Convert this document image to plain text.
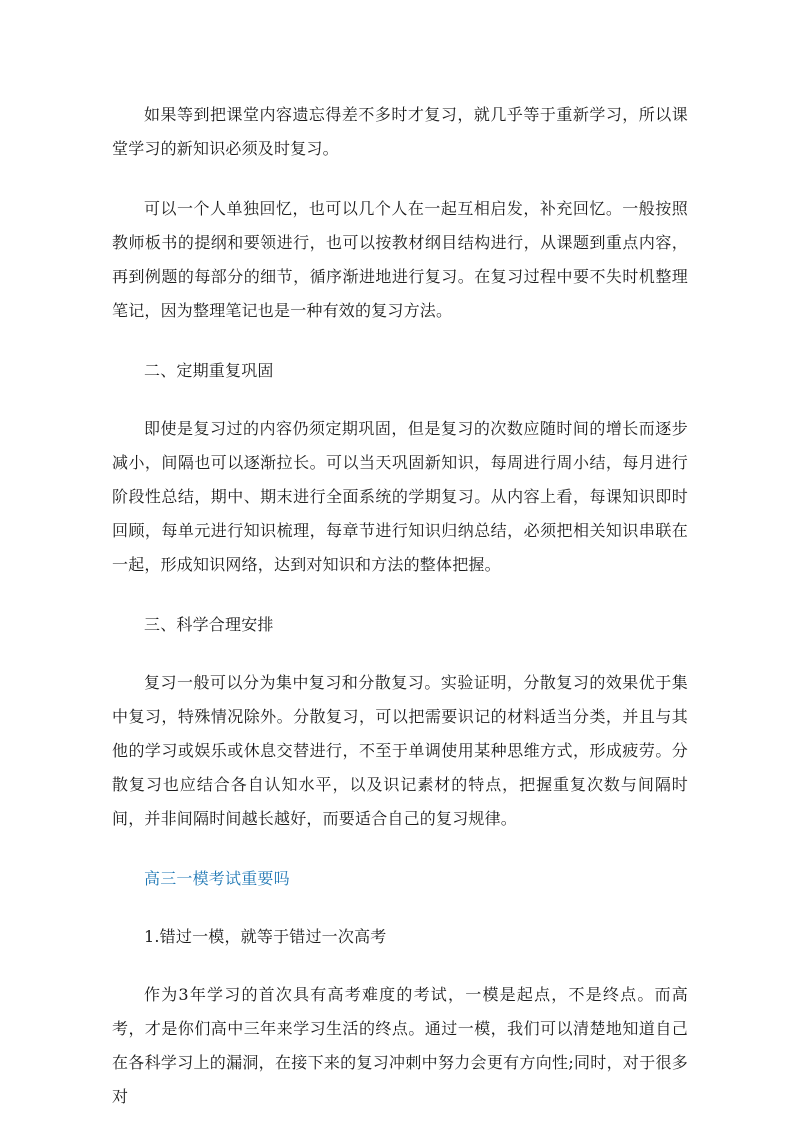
如果等到把课堂内容遗忘得差不多时才复习，就几乎等于重新学习，所以课堂学习的新知识必须及时复习。

可以一个人单独回忆，也可以几个人在一起互相启发，补充回忆。一般按照教师板书的提纲和要领进行，也可以按教材纲目结构进行，从课题到重点内容，再到例题的每部分的细节，循序渐进地进行复习。在复习过程中要不失时机整理笔记，因为整理笔记也是一种有效的复习方法。

二、定期重复巩固

即使是复习过的内容仍须定期巩固，但是复习的次数应随时间的增长而逐步减小，间隔也可以逐渐拉长。可以当天巩固新知识，每周进行周小结，每月进行阶段性总结，期中、期末进行全面系统的学期复习。从内容上看，每课知识即时回顾，每单元进行知识梳理，每章节进行知识归纳总结，必须把相关知识串联在一起，形成知识网络，达到对知识和方法的整体把握。

三、科学合理安排

复习一般可以分为集中复习和分散复习。实验证明，分散复习的效果优于集中复习，特殊情况除外。分散复习，可以把需要识记的材料适当分类，并且与其他的学习或娱乐或休息交替进行，不至于单调使用某种思维方式，形成疲劳。分散复习也应结合各自认知水平，以及识记素材的特点，把握重复次数与间隔时间，并非间隔时间越长越好，而要适合自己的复习规律。

高三一模考试重要吗

1.错过一模，就等于错过一次高考

作为3年学习的首次具有高考难度的考试，一模是起点，不是终点。而高考，才是你们高中三年来学习生活的终点。通过一模，我们可以清楚地知道自己在各科学习上的漏洞，在接下来的复习冲刺中努力会更有方向性;同时，对于很多对
